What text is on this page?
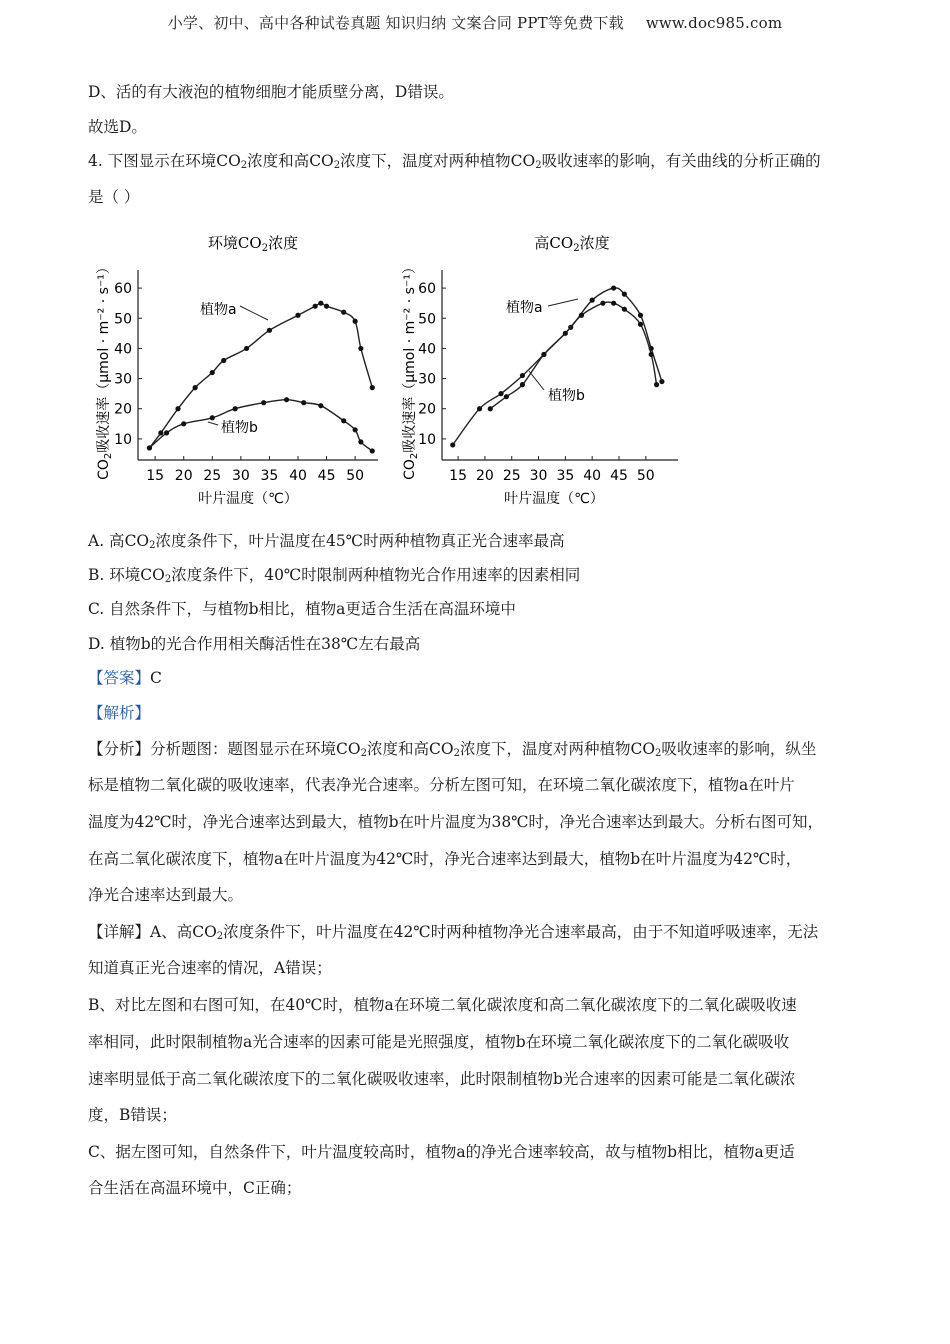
小学、初中、高中各种试卷真题 知识归纳 文案合同 PPT等免费下载 www.doc985.com
D、活的有大液泡的植物细胞才能质壁分离，D错误。
故选D。
4. 下图显示在环境$CO_2$浓度和高$CO_2$浓度下，温度对两种植物$CO_2$吸收速率的影响，有关曲线的分析正确的
是（ ）
环境$CO_2$浓度
$CO_2$吸收速率（μmol · m⁻² · s⁻¹）
叶片温度（℃）
10
20
30
40
50
60
15 20 25 30 35 40 45 50
植物a
植物b
高$CO_2$浓度
$CO_2$吸收速率（μmol · m⁻² · s⁻¹）
叶片温度（℃）
10
20
30
40
50
60
15 20 25 30 35 40 45 50
植物a
植物b
A. 高$CO_2$浓度条件下，叶片温度在45℃时两种植物真正光合速率最高
B. 环境$CO_2$浓度条件下，40℃时限制两种植物光合作用速率的因素相同
C. 自然条件下，与植物b相比，植物a更适合生活在高温环境中
D. 植物b的光合作用相关酶活性在38℃左右最高
【答案】C
【解析】
【分析】分析题图：题图显示在环境$CO_2$浓度和高$CO_2$浓度下，温度对两种植物$CO_2$吸收速率的影响，纵坐
标是植物二氧化碳的吸收速率，代表净光合速率。分析左图可知，在环境二氧化碳浓度下，植物a在叶片
温度为42℃时，净光合速率达到最大，植物b在叶片温度为38℃时，净光合速率达到最大。分析右图可知，
在高二氧化碳浓度下，植物a在叶片温度为42℃时，净光合速率达到最大，植物b在叶片温度为42℃时，
净光合速率达到最大。
【详解】A、高$CO_2$浓度条件下，叶片温度在42℃时两种植物净光合速率最高，由于不知道呼吸速率，无法
知道真正光合速率的情况，A错误；
B、对比左图和右图可知，在40℃时，植物a在环境二氧化碳浓度和高二氧化碳浓度下的二氧化碳吸收速
率相同，此时限制植物a光合速率的因素可能是光照强度，植物b在环境二氧化碳浓度下的二氧化碳吸收
速率明显低于高二氧化碳浓度下的二氧化碳吸收速率，此时限制植物b光合速率的因素可能是二氧化碳浓
度，B错误；
C、据左图可知，自然条件下，叶片温度较高时，植物a的净光合速率较高，故与植物b相比，植物a更适
合生活在高温环境中，C正确；
